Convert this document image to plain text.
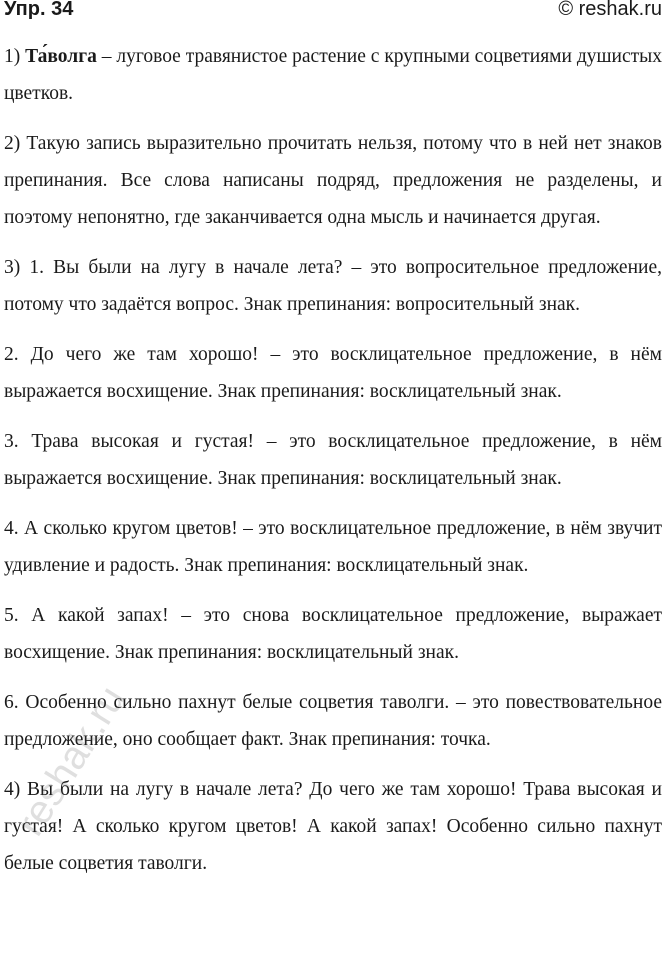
Упр. 34	© reshak.ru

1) Та́волга – луговое травянистое растение с крупными соцветиями душистых цветков.

2) Такую запись выразительно прочитать нельзя, потому что в ней нет знаков препинания. Все слова написаны подряд, предложения не разделены, и поэтому непонятно, где заканчивается одна мысль и начинается другая.

3) 1. Вы были на лугу в начале лета? – это вопросительное предложение, потому что задаётся вопрос. Знак препинания: вопросительный знак.

2. До чего же там хорошо! – это восклицательное предложение, в нём выражается восхищение. Знак препинания: восклицательный знак.

3. Трава высокая и густая! – это восклицательное предложение, в нём выражается восхищение. Знак препинания: восклицательный знак.

4. А сколько кругом цветов! – это восклицательное предложение, в нём звучит удивление и радость. Знак препинания: восклицательный знак.

5. А какой запах! – это снова восклицательное предложение, выражает восхищение. Знак препинания: восклицательный знак.

6. Особенно сильно пахнут белые соцветия таволги. – это повествовательное предложение, оно сообщает факт. Знак препинания: точка.

4) Вы были на лугу в начале лета? До чего же там хорошо! Трава высокая и густая! А сколько кругом цветов! А какой запах! Особенно сильно пахнут белые соцветия таволги.

reshak.ru
